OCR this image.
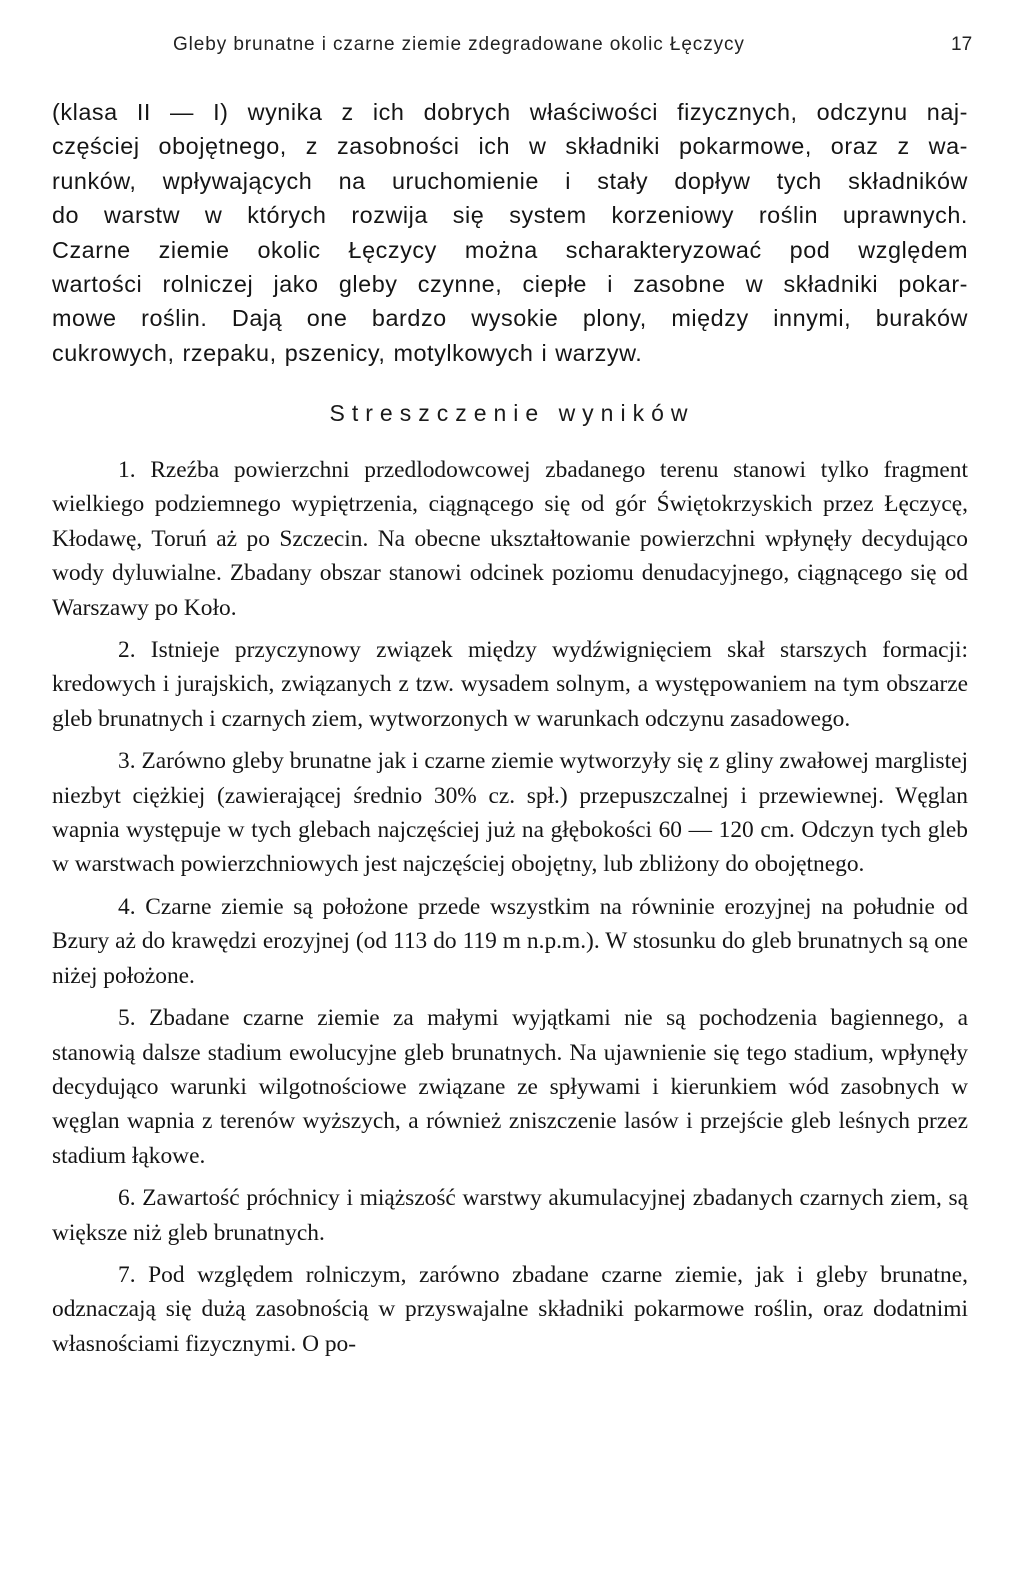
Gleby brunatne i czarne ziemie zdegradowane okolic Łęczycy	17

(klasa II — I) wynika z ich dobrych właściwości fizycznych, odczynu naj-

częściej obojętnego, z zasobności ich w składniki pokarmowe, oraz z wa-

runków, wpływających na uruchomienie i stały dopływ tych składników

do warstw w których rozwija się system korzeniowy roślin uprawnych.

Czarne ziemie okolic Łęczycy można scharakteryzować pod względem

wartości rolniczej jako gleby czynne, ciepłe i zasobne w składniki pokar-

mowe roślin. Dają one bardzo wysokie plony, między innymi, buraków

cukrowych, rzepaku, pszenicy, motylkowych i warzyw.

Streszczenie wyników

1. Rzeźba powierzchni przedlodowcowej zbadanego terenu stanowi tylko fragment wielkiego podziemnego wypiętrzenia, ciągnącego się od gór Świętokrzyskich przez Łęczycę, Kłodawę, Toruń aż po Szczecin. Na obecne ukształtowanie powierzchni wpłynęły decydująco wody dyluwialne. Zbadany obszar stanowi odcinek poziomu denudacyjnego, ciągnącego się od Warszawy po Koło.

2. Istnieje przyczynowy związek między wydźwignięciem skał starszych formacji: kredowych i jurajskich, związanych z tzw. wysadem solnym, a występowaniem na tym obszarze gleb brunatnych i czarnych ziem, wytworzonych w warunkach odczynu zasadowego.

3. Zarówno gleby brunatne jak i czarne ziemie wytworzyły się z gliny zwałowej marglistej niezbyt ciężkiej (zawierającej średnio 30% cz. spł.) przepuszczalnej i przewiewnej. Węglan wapnia występuje w tych glebach najczęściej już na głębokości 60 — 120 cm. Odczyn tych gleb w warstwach powierzchniowych jest najczęściej obojętny, lub zbliżony do obojętnego.

4. Czarne ziemie są położone przede wszystkim na równinie erozyjnej na południe od Bzury aż do krawędzi erozyjnej (od 113 do 119 m n.p.m.). W stosunku do gleb brunatnych są one niżej położone.

5. Zbadane czarne ziemie za małymi wyjątkami nie są pochodzenia bagiennego, a stanowią dalsze stadium ewolucyjne gleb brunatnych. Na ujawnienie się tego stadium, wpłynęły decydująco warunki wilgotnościowe związane ze spływami i kierunkiem wód zasobnych w węglan wapnia z terenów wyższych, a również zniszczenie lasów i przejście gleb leśnych przez stadium łąkowe.

6. Zawartość próchnicy i miąższość warstwy akumulacyjnej zbadanych czarnych ziem, są większe niż gleb brunatnych.

7. Pod względem rolniczym, zarówno zbadane czarne ziemie, jak i gleby brunatne, odznaczają się dużą zasobnością w przyswajalne składniki pokarmowe roślin, oraz dodatnimi własnościami fizycznymi. O po-
